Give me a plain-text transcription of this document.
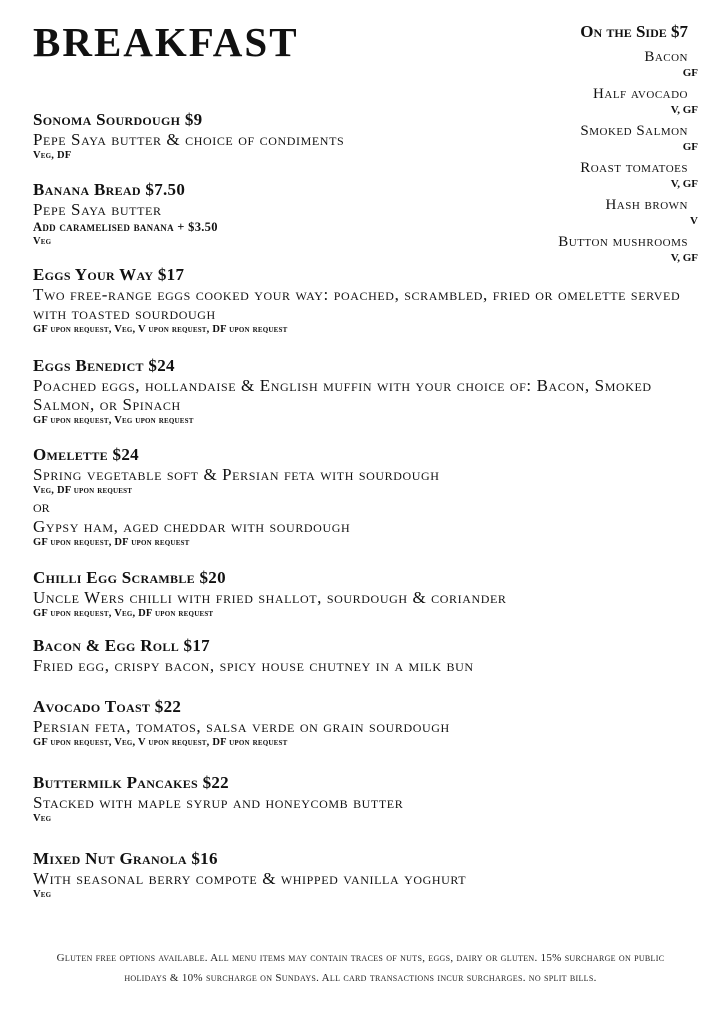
BREAKFAST	On the Side $7
Bacon
GF
Half avocado
V, GF
Smoked Salmon
GF
Roast tomatoes
V, GF
Hash brown
V
Button mushrooms
V, GF
Sonoma Sourdough $9
Pepe Saya butter & choice of condiments
Veg, DF
Banana Bread $7.50
Pepe Saya butter
Add caramelised banana + $3.50
Veg
Eggs Your Way $17
Two free-range eggs cooked your way: poached, scrambled, fried or omelette served with toasted sourdough
GF upon request, Veg, V upon request, DF upon request
Eggs Benedict $24
Poached eggs, hollandaise & English muffin with your choice of: Bacon, Smoked Salmon, or Spinach
GF upon request, Veg upon request
Omelette $24
Spring vegetable soft & Persian feta with sourdough
Veg, DF upon request
or
Gypsy ham, aged cheddar with sourdough
GF upon request, DF upon request
Chilli Egg Scramble $20
Uncle Wers chilli with fried shallot, sourdough & coriander
GF upon request, Veg, DF upon request
Bacon & Egg Roll $17
Fried egg, crispy bacon, spicy house chutney in a milk bun
Avocado Toast $22
Persian feta, tomatos, salsa verde on grain sourdough
GF upon request, Veg, V upon request, DF upon request
Buttermilk Pancakes $22
Stacked with maple syrup and honeycomb butter
Veg
Mixed Nut Granola $16
With seasonal berry compote & whipped vanilla yoghurt
Veg
Gluten free options available. All menu items may contain traces of nuts, eggs, dairy or gluten. 15% surcharge on public holidays & 10% surcharge on Sundays. All card transactions incur surcharges. no split bills.
